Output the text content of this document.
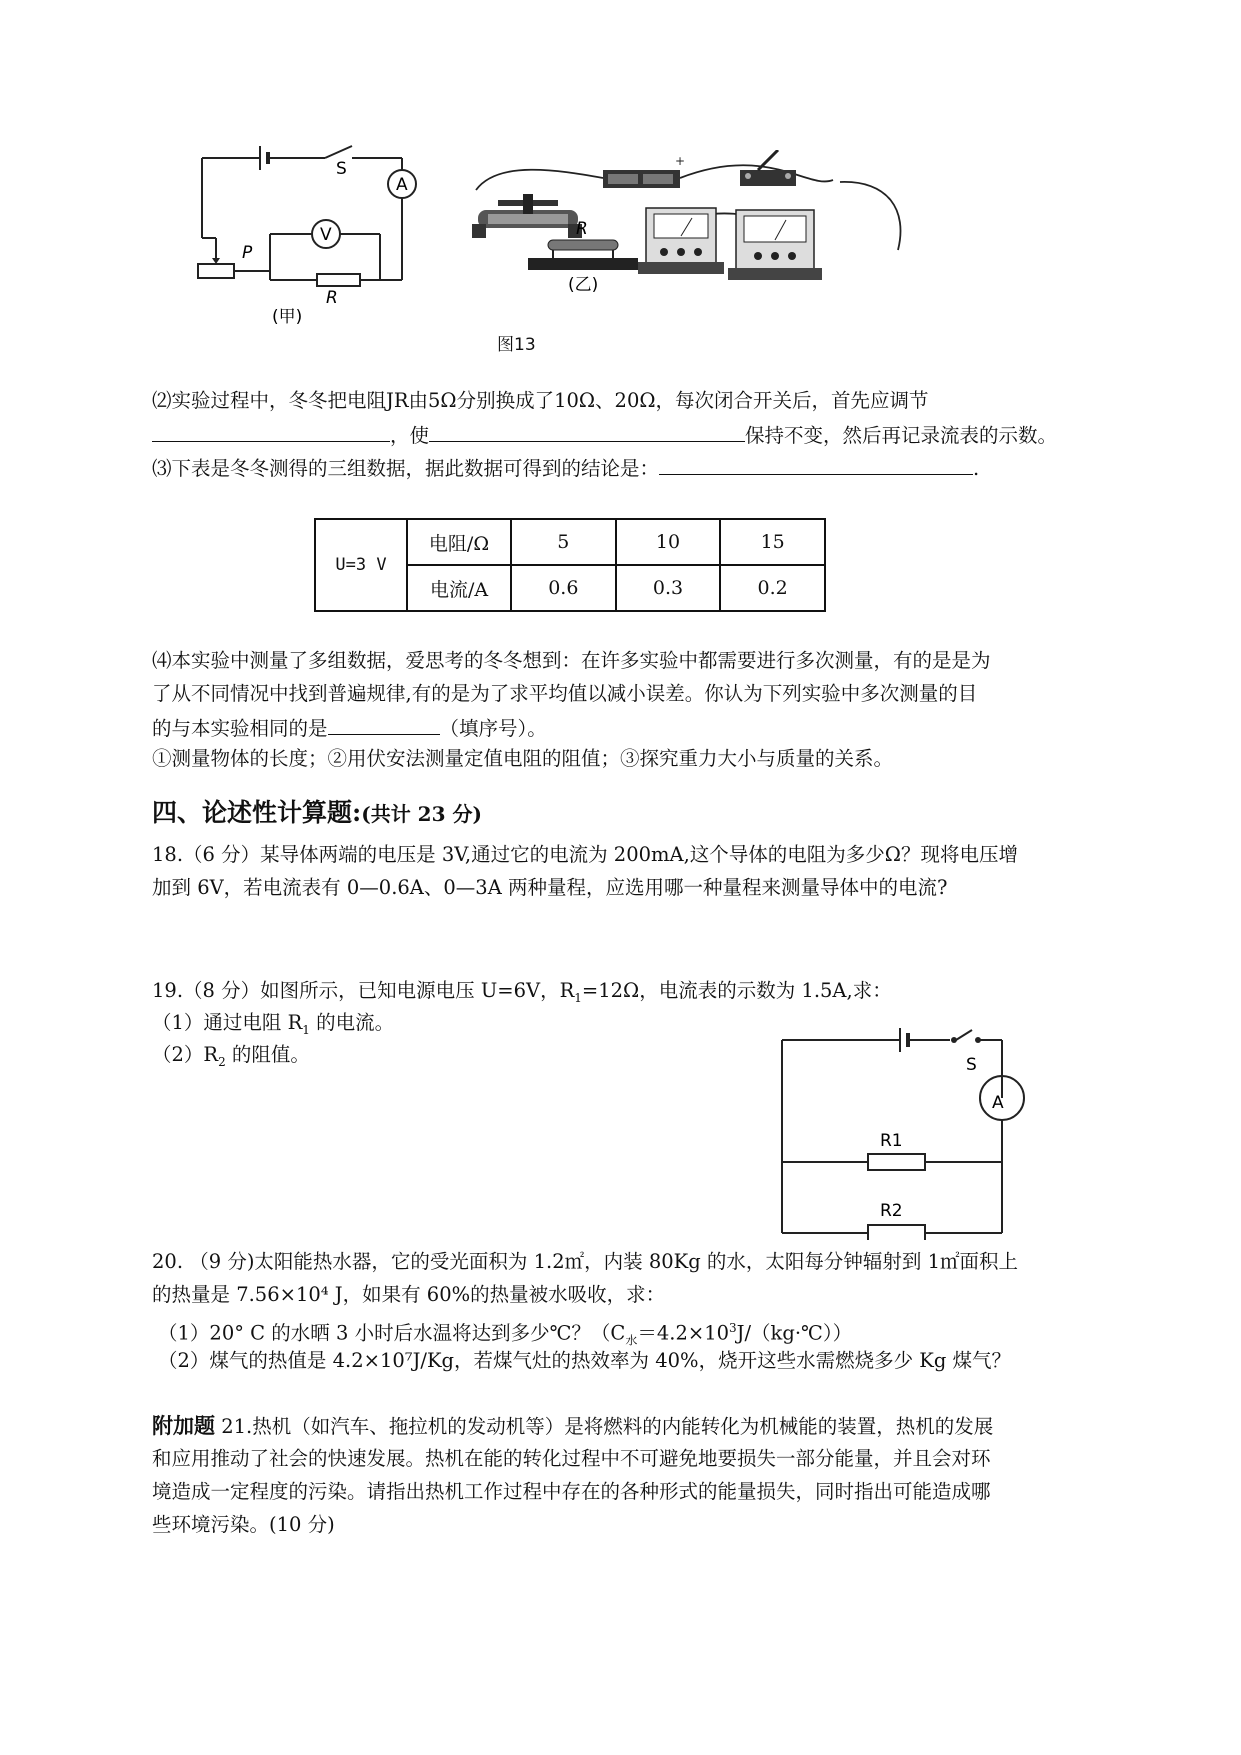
S
A
V
P
R
(甲)
+
R
(乙)
图13
⑵实验过程中，冬冬把电阻JR由5Ω分别换成了10Ω、20Ω，每次闭合开关后，首先应调节
，使	保持不变，然后再记录流表的示数。
⑶下表是冬冬测得的三组数据，据此数据可得到的结论是：	.
U=3 V	电阻/Ω	5	10	15
	电流/A	0.6	0.3	0.2
⑷本实验中测量了多组数据，爱思考的冬冬想到：在许多实验中都需要进行多次测量，有的是是为
了从不同情况中找到普遍规律,有的是为了求平均值以减小误差。你认为下列实验中多次测量的目
的与本实验相同的是	（填序号）。
①测量物体的长度；②用伏安法测量定值电阻的阻值；③探究重力大小与质量的关系。
四、论述性计算题:(共计 23 分)
18.（6 分）某导体两端的电压是 3V,通过它的电流为 200mA,这个导体的电阻为多少Ω？现将电压增
加到 6V，若电流表有 0—0.6A、0—3A 两种量程，应选用哪一种量程来测量导体中的电流?
19.（8 分）如图所示，已知电源电压 U=6V，$R_1=12\Omega$，电流表的示数为 1.5A,求：
（1）通过电阻 $R_1$ 的电流。
$(2)R_2$ 的阻值。	S
A
R1
R2
20. （9 分)太阳能热水器，它的受光面积为 1.2㎡，内装 80Kg 的水，太阳每分钟辐射到 1㎡面积上
的热量是 7.56×10⁴ J，如果有 60%的热量被水吸收，求：
（1）20° C 的水晒 3 小时后水温将达到多少℃？$(C_水=4.2\times 10^3J/(kg\cdot℃))$
（2）煤气的热值是 4.2×10⁷J/Kg，若煤气灶的热效率为 40%，烧开这些水需燃烧多少 Kg 煤气？
附加题 21.热机（如汽车、拖拉机的发动机等）是将燃料的内能转化为机械能的装置，热机的发展
和应用推动了社会的快速发展。热机在能的转化过程中不可避免地要损失一部分能量，并且会对环
境造成一定程度的污染。请指出热机工作过程中存在的各种形式的能量损失，同时指出可能造成哪
些环境污染。(10 分)
